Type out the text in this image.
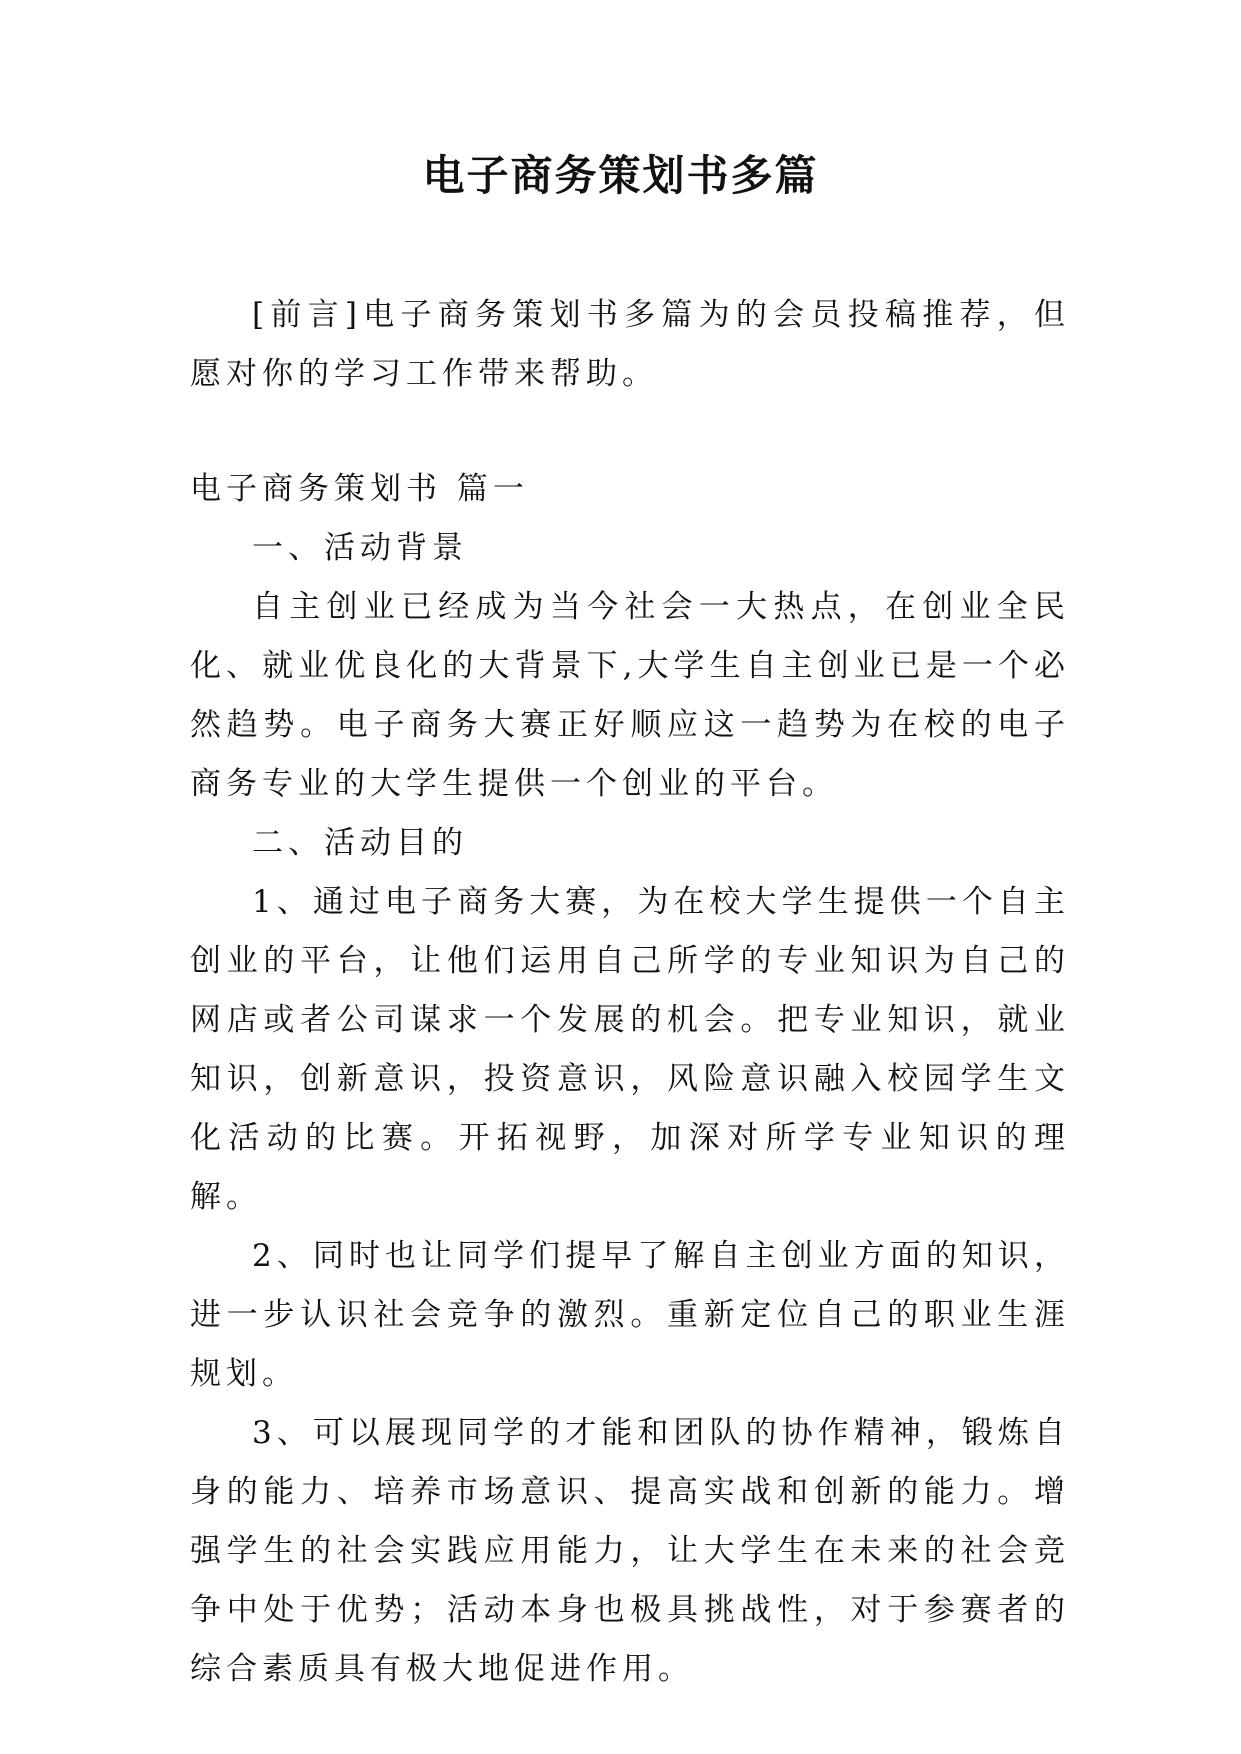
电子商务策划书多篇

[前言]电子商务策划书多篇为的会员投稿推荐，但愿对你的学习工作带来帮助。

电子商务策划书 篇一

一、活动背景

自主创业已经成为当今社会一大热点，在创业全民化、就业优良化的大背景下,大学生自主创业已是一个必然趋势。电子商务大赛正好顺应这一趋势为在校的电子商务专业的大学生提供一个创业的平台。

二、活动目的

1、通过电子商务大赛，为在校大学生提供一个自主创业的平台，让他们运用自己所学的专业知识为自己的网店或者公司谋求一个发展的机会。把专业知识，就业知识，创新意识，投资意识，风险意识融入校园学生文化活动的比赛。开拓视野，加深对所学专业知识的理解。

2、同时也让同学们提早了解自主创业方面的知识，进一步认识社会竞争的激烈。重新定位自己的职业生涯规划。

3、可以展现同学的才能和团队的协作精神，锻炼自身的能力、培养市场意识、提高实战和创新的能力。增强学生的社会实践应用能力，让大学生在未来的社会竞争中处于优势；活动本身也极具挑战性，对于参赛者的综合素质具有极大地促进作用。
